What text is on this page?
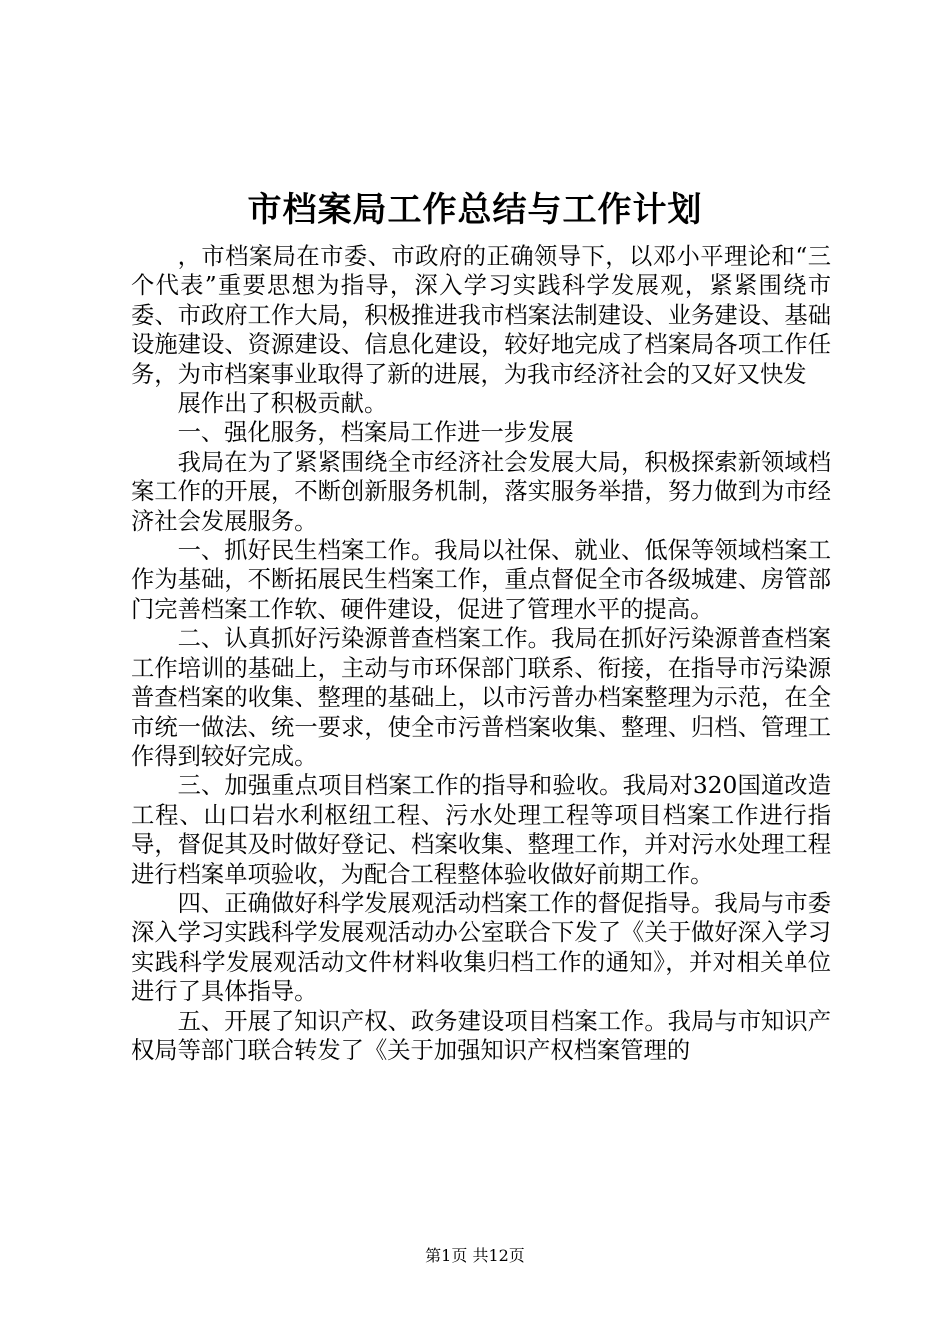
市档案局工作总结与工作计划

，市档案局在市委、市政府的正确领导下，以邓小平理论和“三个代表”重要思想为指导，深入学习实践科学发展观，紧紧围绕市委、市政府工作大局，积极推进我市档案法制建设、业务建设、基础设施建设、资源建设、信息化建设，较好地完成了档案局各项工作任务，为市档案事业取得了新的进展，为我市经济社会的又好又快发

展作出了积极贡献。

一、强化服务，档案局工作进一步发展

我局在为了紧紧围绕全市经济社会发展大局，积极探索新领域档案工作的开展，不断创新服务机制，落实服务举措，努力做到为市经济社会发展服务。

一、抓好民生档案工作。我局以社保、就业、低保等领域档案工作为基础，不断拓展民生档案工作，重点督促全市各级城建、房管部门完善档案工作软、硬件建设，促进了管理水平的提高。

二、认真抓好污染源普查档案工作。我局在抓好污染源普查档案工作培训的基础上，主动与市环保部门联系、衔接，在指导市污染源普查档案的收集、整理的基础上，以市污普办档案整理为示范，在全市统一做法、统一要求，使全市污普档案收集、整理、归档、管理工作得到较好完成。

三、加强重点项目档案工作的指导和验收。我局对320国道改造工程、山口岩水利枢纽工程、污水处理工程等项目档案工作进行指导，督促其及时做好登记、档案收集、整理工作，并对污水处理工程进行档案单项验收，为配合工程整体验收做好前期工作。

四、正确做好科学发展观活动档案工作的督促指导。我局与市委深入学习实践科学发展观活动办公室联合下发了《关于做好深入学习实践科学发展观活动文件材料收集归档工作的通知》，并对相关单位进行了具体指导。

五、开展了知识产权、政务建设项目档案工作。我局与市知识产权局等部门联合转发了《关于加强知识产权档案管理的

第1页 共12页
